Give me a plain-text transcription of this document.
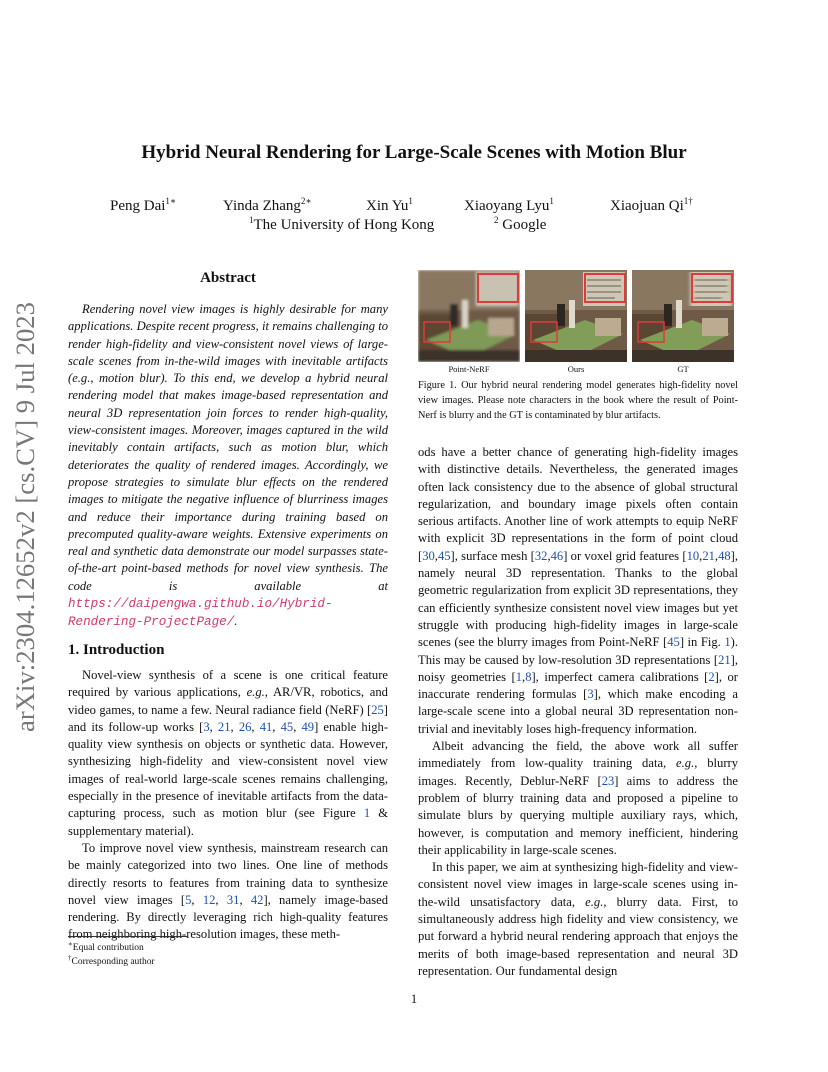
arXiv:2304.12652v2 [cs.CV] 9 Jul 2023
Hybrid Neural Rendering for Large-Scale Scenes with Motion Blur
Peng Dai$^{1∗}$	Yinda Zhang$^{2∗}$	Xin Yu$^1$	Xiaoyang Lyu$^1$	Xiaojuan $Qi^{1\dagger}$
$^1$The University of Hong Kong	$^2$ Google
Abstract

Rendering novel view images is highly desirable for many applications. Despite recent progress, it remains challenging to render high-fidelity and view-consistent novel views of large-scale scenes from in-the-wild images with inevitable artifacts (e.g., motion blur). To this end, we develop a hybrid neural rendering model that makes image-based representation and neural 3D representation join forces to render high-quality, view-consistent images. Moreover, images captured in the wild inevitably contain artifacts, such as motion blur, which deteriorates the quality of rendered images. Accordingly, we propose strategies to simulate blur effects on the rendered images to mitigate the negative influence of blurriness images and reduce their importance during training based on precomputed quality-aware weights. Extensive experiments on real and synthetic data demonstrate our model surpasses state-of-the-art point-based methods for novel view synthesis. The code is available at https://daipengwa.github.io/Hybrid-Rendering-ProjectPage/.

1. Introduction

Novel-view synthesis of a scene is one critical feature required by various applications, e.g., AR/VR, robotics, and video games, to name a few. Neural radiance field (NeRF) [25] and its follow-up works [3, 21, 26, 41, 45, 49] enable high-quality view synthesis on objects or synthetic data. However, synthesizing high-fidelity and view-consistent novel view images of real-world large-scale scenes remains challenging, especially in the presence of inevitable artifacts from the data-capturing process, such as motion blur (see Figure 1 & supplementary material).

To improve novel view synthesis, mainstream research can be mainly categorized into two lines. One line of methods directly resorts to features from training data to synthesize novel view images [5, 12, 31, 42], namely image-based rendering. By directly leveraging rich high-quality features from neighboring high-resolution images, these meth-

∗Equal contribution
†Corresponding author
Point-NeRF	Ours	GT
Figure 1. Our hybrid neural rendering model generates high-fidelity novel view images. Please note characters in the book where the result of Point-Nerf is blurry and the GT is contaminated by blur artifacts.

ods have a better chance of generating high-fidelity images with distinctive details. Nevertheless, the generated images often lack consistency due to the absence of global structural regularization, and boundary image pixels often contain serious artifacts. Another line of work attempts to equip NeRF with explicit 3D representations in the form of point cloud [30,45], surface mesh [32,46] or voxel grid features [10,21,48], namely neural 3D representation. Thanks to the global geometric regularization from explicit 3D representations, they can efficiently synthesize consistent novel view images but yet struggle with producing high-fidelity images in large-scale scenes (see the blurry images from Point-NeRF [45] in Fig. 1). This may be caused by low-resolution 3D representations [21], noisy geometries [1,8], imperfect camera calibrations [2], or inaccurate rendering formulas [3], which make encoding a large-scale scene into a global neural 3D representation non-trivial and inevitably loses high-frequency information.

Albeit advancing the field, the above work all suffer immediately from low-quality training data, e.g., blurry images. Recently, Deblur-NeRF [23] aims to address the problem of blurry training data and proposed a pipeline to simulate blurs by querying multiple auxiliary rays, which, however, is computation and memory inefficient, hindering their applicability in large-scale scenes.

In this paper, we aim at synthesizing high-fidelity and view-consistent novel view images in large-scale scenes using in-the-wild unsatisfactory data, e.g., blurry data. First, to simultaneously address high fidelity and view consistency, we put forward a hybrid neural rendering approach that enjoys the merits of both image-based representation and neural 3D representation. Our fundamental design

1
